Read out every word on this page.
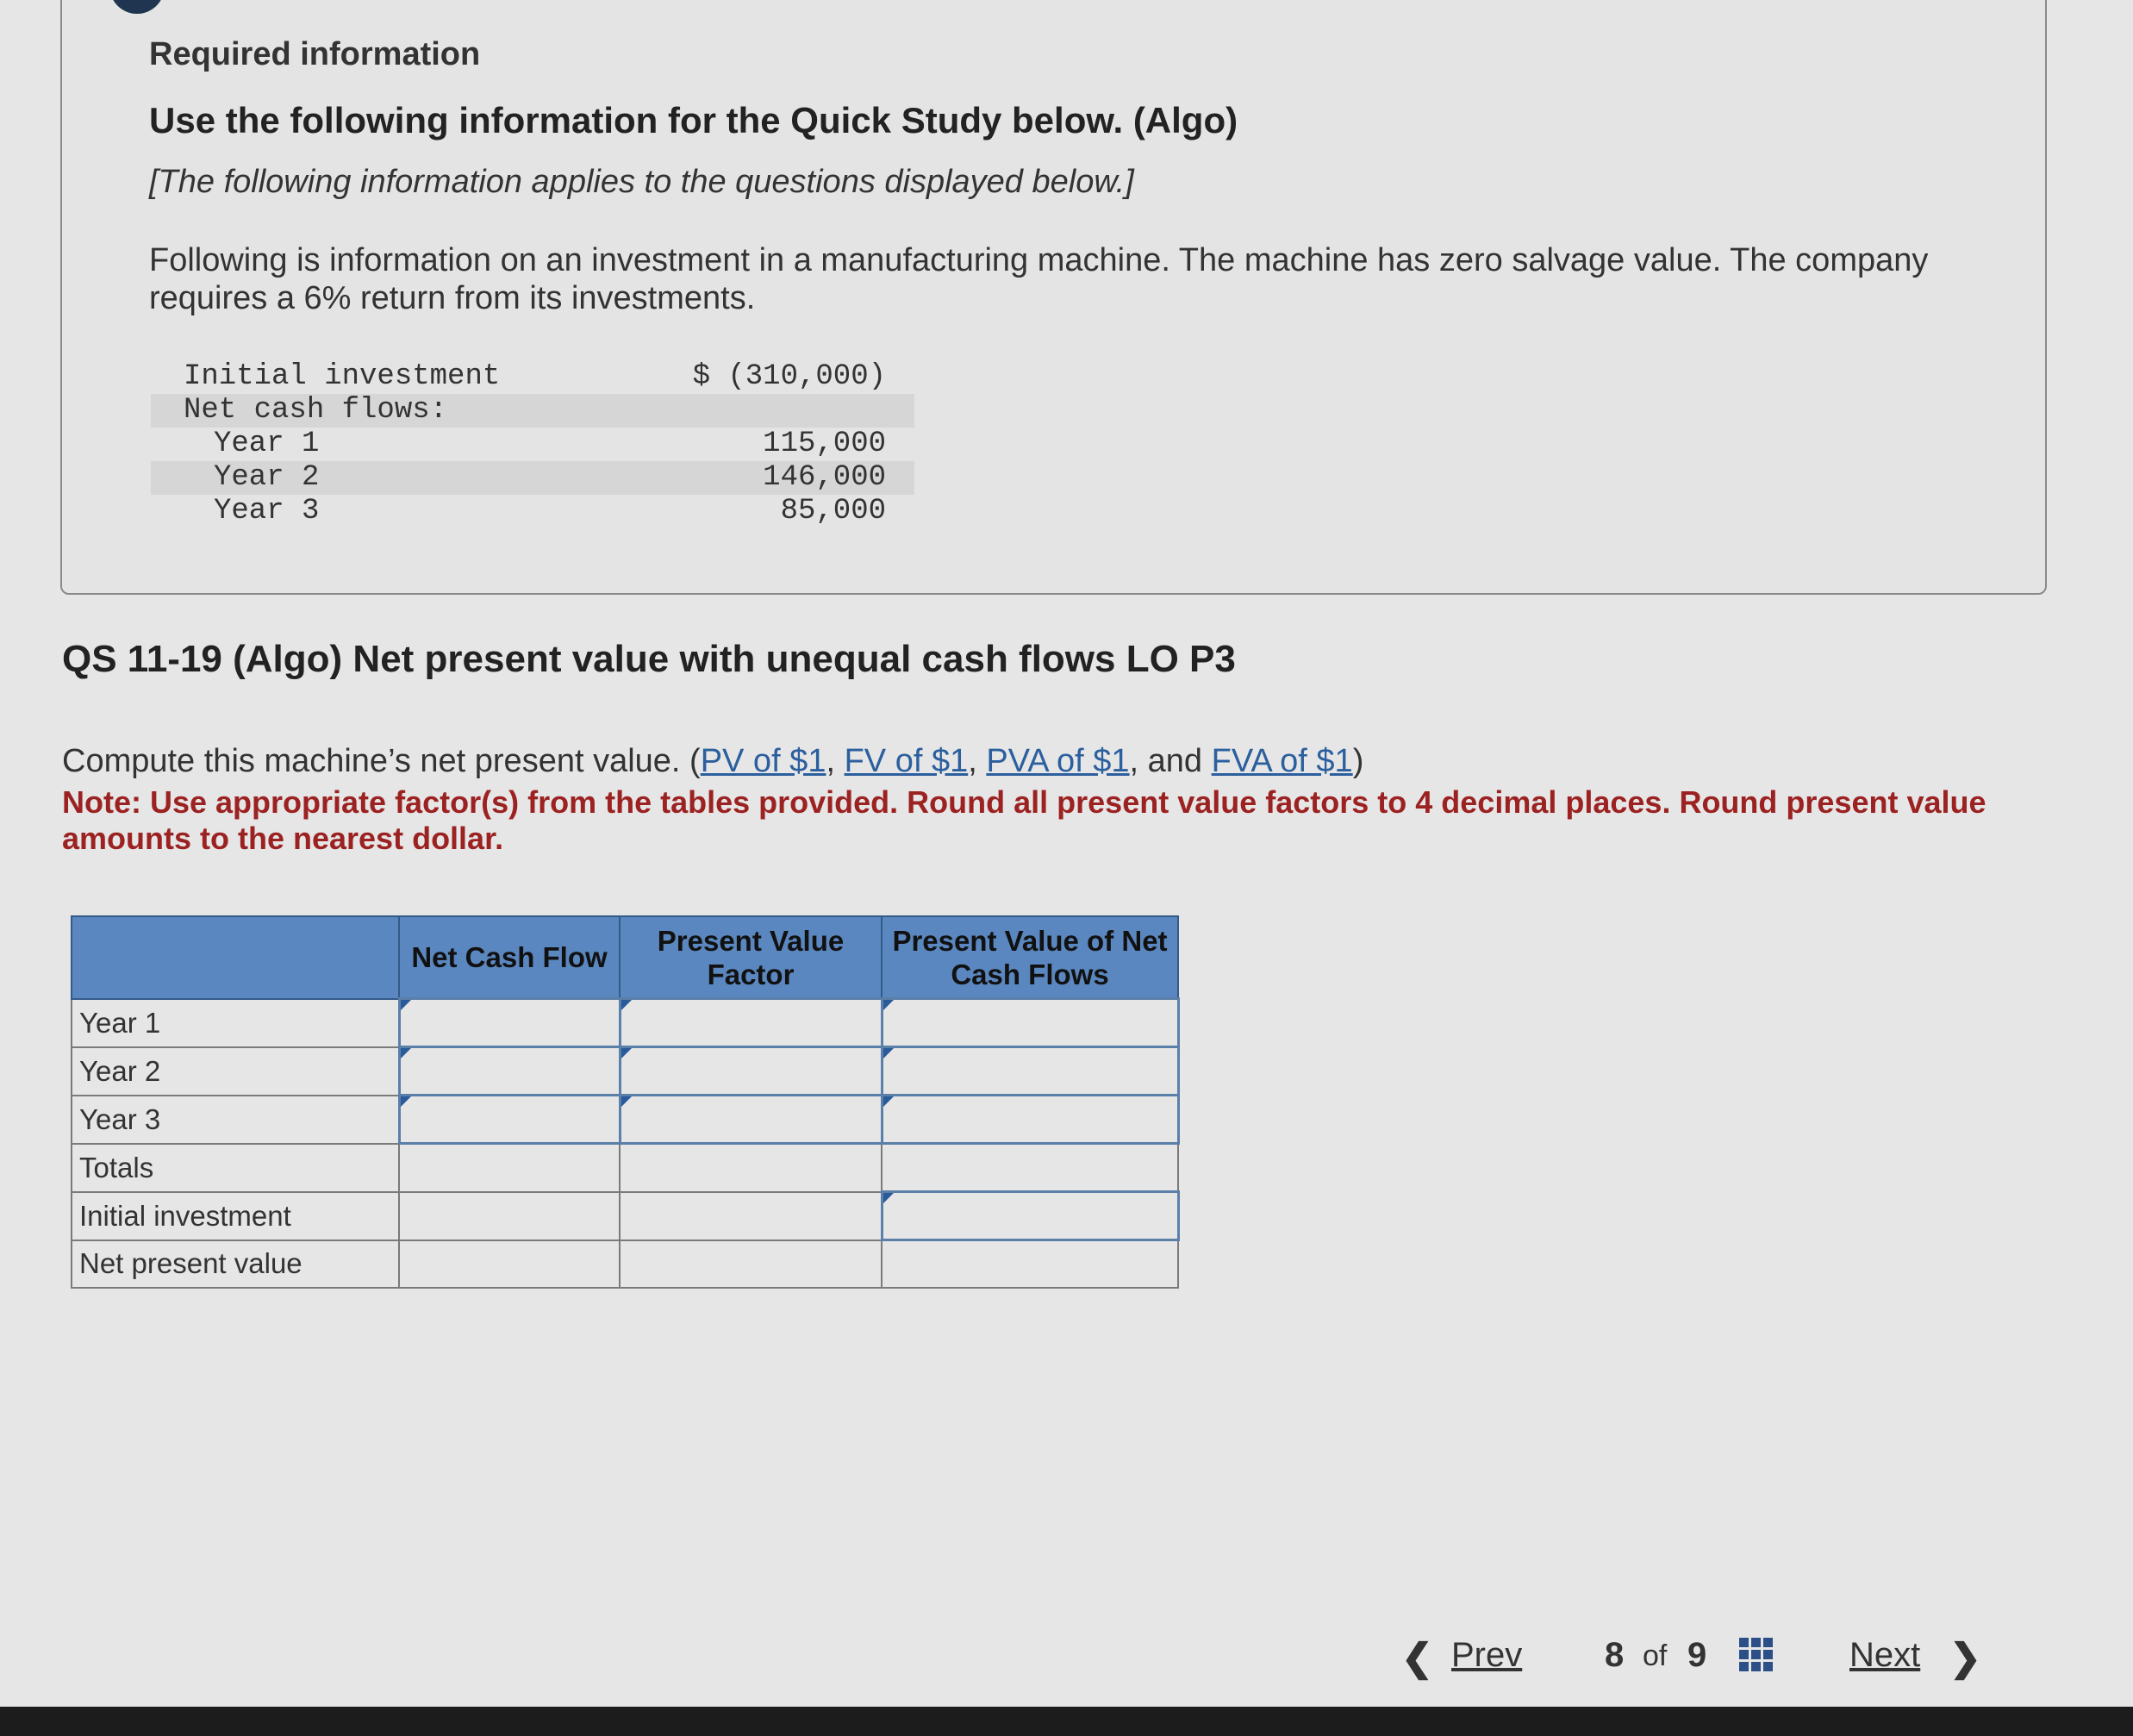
Required information
Use the following information for the Quick Study below. (Algo)
[The following information applies to the questions displayed below.]
Following is information on an investment in a manufacturing machine. The machine has zero salvage value. The company requires a 6% return from its investments.
Initial investment	$ (310,000)
Net cash flows:	
Year 1	115,000
Year 2	146,000
Year 3	85,000
QS 11-19 (Algo) Net present value with unequal cash flows LO P3
Compute this machine’s net present value. (PV of $1, FV of $1, PVA of $1, and FVA of $1)
Note: Use appropriate factor(s) from the tables provided. Round all present value factors to 4 decimal places. Round present value amounts to the nearest dollar.
	Net Cash Flow	Present Value Factor	Present Value of Net Cash Flows
Year 1			
Year 2			
Year 3			
Totals			
Initial investment			
Net present value			
❮ Prev 8 of 9	Next ❯
